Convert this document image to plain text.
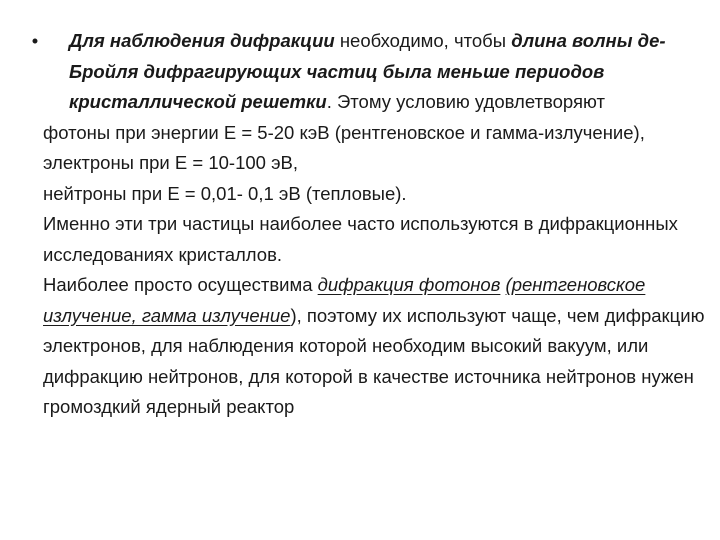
• Для наблюдения дифракции необходимо, чтобы длина волны де-Бройля дифрагирующих частиц была меньше периодов кристаллической решетки. Этому условию удовлетворяют

фотоны при энергии Е = 5-20 кэВ (рентгеновское и гамма-излучение),

электроны при Е = 10-100 эВ,

нейтроны при Е = 0,01- 0,1 эВ (тепловые).

Именно эти три частицы наиболее часто используются в дифракционных исследованиях кристаллов.

Наиболее просто осуществима дифракция фотонов (рентгеновское излучение, гамма излучение), поэтому их используют чаще, чем дифракцию электронов, для наблюдения которой необходим высокий вакуум, или дифракцию нейтронов, для которой в качестве источника нейтронов нужен громоздкий ядерный реактор
